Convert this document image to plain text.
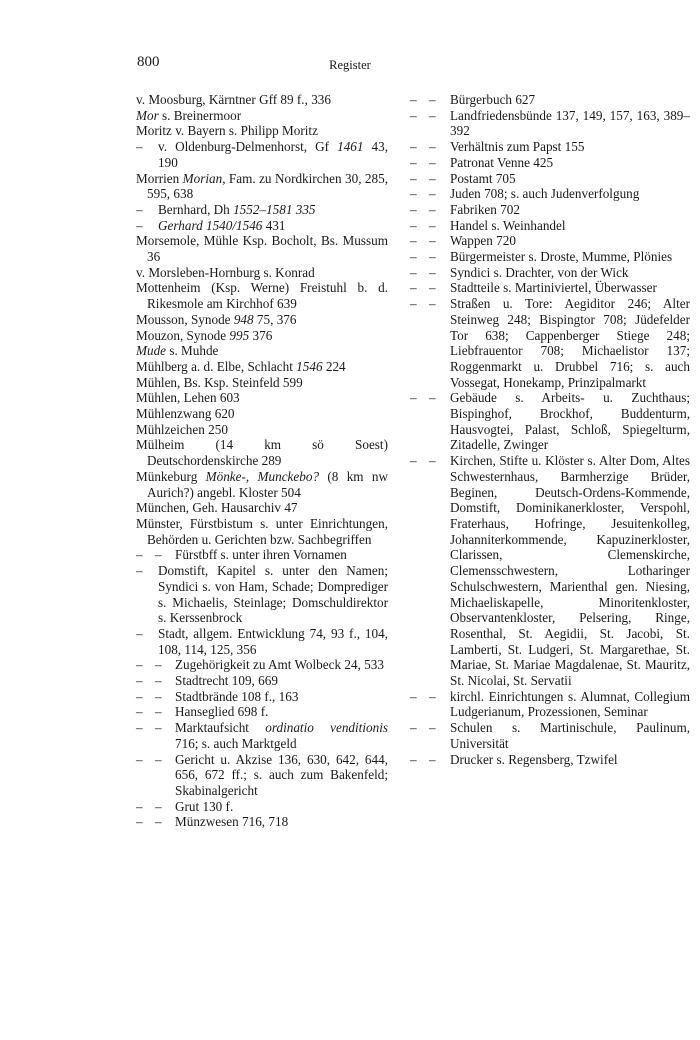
800	Register
v. Moosburg, Kärntner Gff 89 f., 336
Mor s. Breinermoor
Moritz v. Bayern s. Philipp Moritz
– v. Oldenburg-Delmenhorst, Gf 1461 43, 190
Morrien Morian, Fam. zu Nordkirchen 30, 285, 595, 638
– Bernhard, Dh 1552–1581 335
– Gerhard 1540/1546 431
Morsemole, Mühle Ksp. Bocholt, Bs. Mussum 36
v. Morsleben-Hornburg s. Konrad
Mottenheim (Ksp. Werne) Freistuhl b. d. Rikesmole am Kirchhof 639
Mousson, Synode 948 75, 376
Mouzon, Synode 995 376
Mude s. Muhde
Mühlberg a. d. Elbe, Schlacht 1546 224
Mühlen, Bs. Ksp. Steinfeld 599
Mühlen, Lehen 603
Mühlenzwang 620
Mühlzeichen 250
Mülheim (14 km sö Soest) Deutschordenskirche 289
Münkeburg Mönke-, Munckebo? (8 km nw Aurich?) angebl. Kloster 504
München, Geh. Hausarchiv 47
Münster, Fürstbistum s. unter Einrichtungen, Behörden u. Gerichten bzw. Sachbegriffen
– – Fürstbff s. unter ihren Vornamen
– Domstift, Kapitel s. unter den Namen; Syndici s. von Ham, Schade; Domprediger s. Michaelis, Steinlage; Domschuldirektor s. Kerssenbrock
– Stadt, allgem. Entwicklung 74, 93 f., 104, 108, 114, 125, 356
– – Zugehörigkeit zu Amt Wolbeck 24, 533
– – Stadtrecht 109, 669
– – Stadtbrände 108 f., 163
– – Hanseglied 698 f.
– – Marktaufsicht ordinatio venditionis 716; s. auch Marktgeld
– – Gericht u. Akzise 136, 630, 642, 644, 656, 672 ff.; s. auch zum Bakenfeld; Skabinalgericht
– – Grut 130 f.
– – Münzwesen 716, 718
– – Bürgerbuch 627
– – Landfriedensbünde 137, 149, 157, 163, 389–392
– – Verhältnis zum Papst 155
– – Patronat Venne 425
– – Postamt 705
– – Juden 708; s. auch Judenverfolgung
– – Fabriken 702
– – Handel s. Weinhandel
– – Wappen 720
– – Bürgermeister s. Droste, Mumme, Plönies
– – Syndici s. Drachter, von der Wick
– – Stadtteile s. Martiniviertel, Überwasser
– – Straßen u. Tore: Aegiditor 246; Alter Steinweg 248; Bispingtor 708; Jüdefelder Tor 638; Cappenberger Stiege 248; Liebfrauentor 708; Michaelistor 137; Roggenmarkt u. Drubbel 716; s. auch Vossegat, Honekamp, Prinzipalmarkt
– – Gebäude s. Arbeits- u. Zuchthaus; Bispinghof, Brockhof, Buddenturm, Hausvogtei, Palast, Schloß, Spiegelturm, Zitadelle, Zwinger
– – Kirchen, Stifte u. Klöster s. Alter Dom, Altes Schwesternhaus, Barmherzige Brüder, Beginen, Deutsch-Ordens-Kommende, Domstift, Dominikanerkloster, Verspohl, Fraterhaus, Hofringe, Jesuitenkolleg, Johanniterkommende, Kapuzinerkloster, Clarissen, Clemenskirche, Clemensschwestern, Lotharinger Schulschwestern, Marienthal gen. Niesing, Michaeliskapelle, Minoritenkloster, Observantenkloster, Pelsering, Ringe, Rosenthal, St. Aegidii, St. Jacobi, St. Lamberti, St. Ludgeri, St. Margarethae, St. Mariae, St. Mariae Magdalenae, St. Mauritz, St. Nicolai, St. Servatii
– – kirchl. Einrichtungen s. Alumnat, Collegium Ludgerianum, Prozessionen, Seminar
– – Schulen s. Martinischule, Paulinum, Universität
– – Drucker s. Regensberg, Tzwifel
